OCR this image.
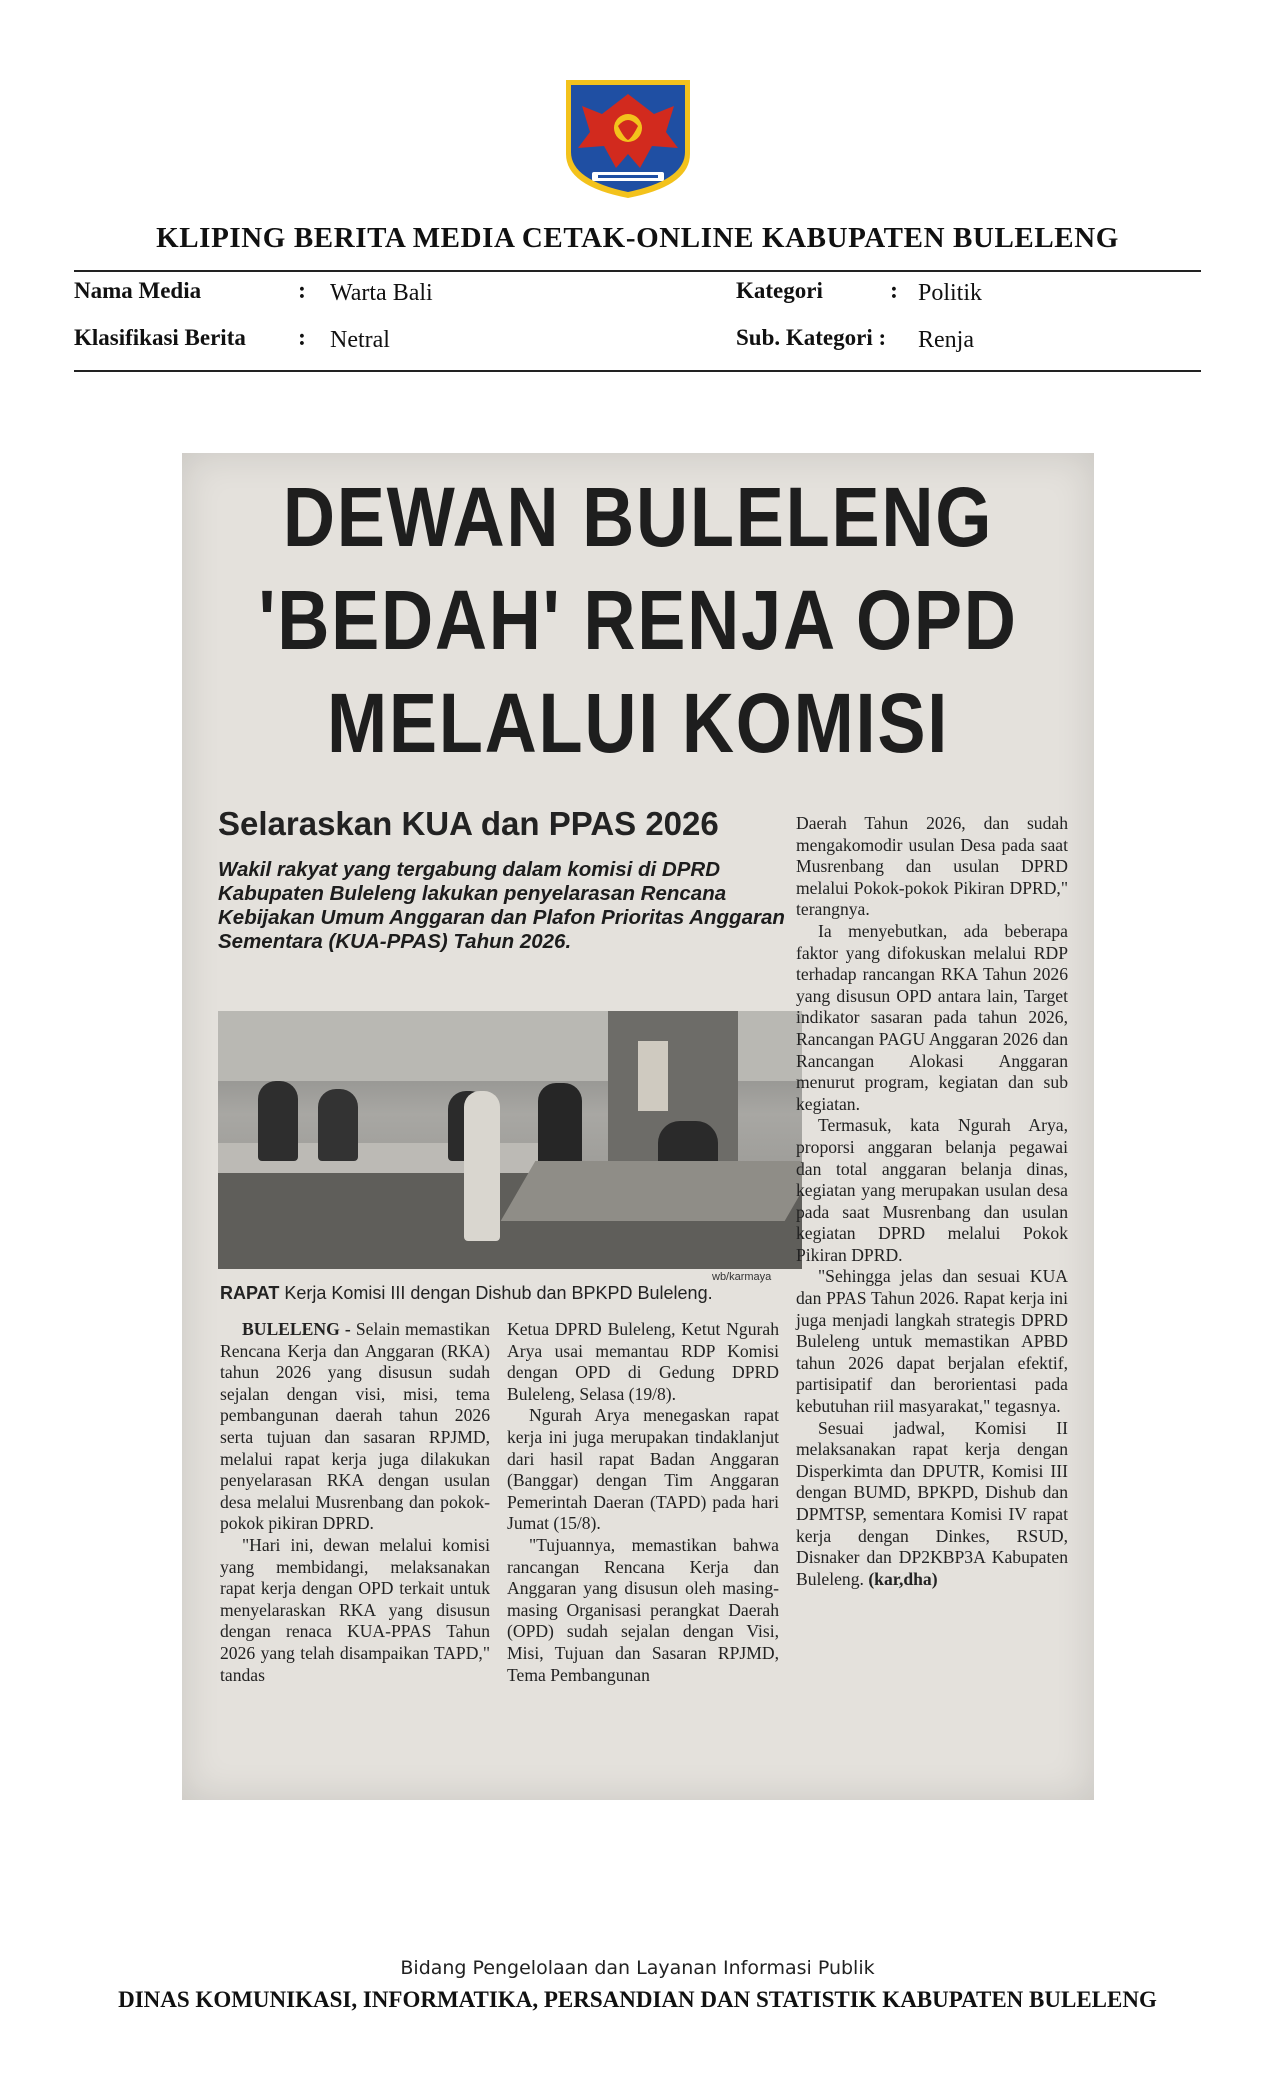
KLIPING BERITA MEDIA CETAK-ONLINE KABUPATEN BULELENG
Nama Media	: Warta Bali
Klasifikasi Berita : Netral
Kategori	: Politik
Sub. Kategori : Renja
DEWAN BULELENG
'BEDAH' RENJA OPD
MELALUI KOMISI
Selaraskan KUA dan PPAS 2026
Wakil rakyat yang tergabung dalam komisi di DPRD Kabupaten Buleleng lakukan penyelarasan Rencana Kebijakan Umum Anggaran dan Plafon Prioritas Anggaran Sementara (KUA-PPAS) Tahun 2026.
wb/karmaya
RAPAT Kerja Komisi III dengan Dishub dan BPKPD Buleleng.

BULELENG - Selain memastikan Rencana Kerja dan Anggaran (RKA) tahun 2026 yang disusun sudah sejalan dengan visi, misi, tema pembangunan daerah tahun 2026 serta tujuan dan sasaran RPJMD, melalui rapat kerja juga dilakukan penyelarasan RKA dengan usulan desa melalui Musrenbang dan pokok-pokok pikiran DPRD.

"Hari ini, dewan melalui komisi yang membidangi, melaksanakan rapat kerja dengan OPD terkait untuk menyelaraskan RKA yang disusun dengan renaca KUA-PPAS Tahun 2026 yang telah disampaikan TAPD," tandas

Ketua DPRD Buleleng, Ketut Ngurah Arya usai memantau RDP Komisi dengan OPD di Gedung DPRD Buleleng, Selasa (19/8).

Ngurah Arya menegaskan rapat kerja ini juga merupakan tindaklanjut dari hasil rapat Badan Anggaran (Banggar) dengan Tim Anggaran Pemerintah Daeran (TAPD) pada hari Jumat (15/8).

"Tujuannya, memastikan bahwa rancangan Rencana Kerja dan Anggaran yang disusun oleh masing-masing Organisasi perangkat Daerah (OPD) sudah sejalan dengan Visi, Misi, Tujuan dan Sasaran RPJMD, Tema Pembangunan

Daerah Tahun 2026, dan sudah mengakomodir usulan Desa pada saat Musrenbang dan usulan DPRD melalui Pokok-pokok Pikiran DPRD," terangnya.

Ia menyebutkan, ada beberapa faktor yang difokuskan melalui RDP terhadap rancangan RKA Tahun 2026 yang disusun OPD antara lain, Target indikator sasaran pada tahun 2026, Rancangan PAGU Anggaran 2026 dan Rancangan Alokasi Anggaran menurut program, kegiatan dan sub kegiatan.

Termasuk, kata Ngurah Arya, proporsi anggaran belanja pegawai dan total anggaran belanja dinas, kegiatan yang merupakan usulan desa pada saat Musrenbang dan usulan kegiatan DPRD melalui Pokok Pikiran DPRD.

"Sehingga jelas dan sesuai KUA dan PPAS Tahun 2026. Rapat kerja ini juga menjadi langkah strategis DPRD Buleleng untuk memastikan APBD tahun 2026 dapat berjalan efektif, partisipatif dan berorientasi pada kebutuhan riil masyarakat," tegasnya.

Sesuai jadwal, Komisi II melaksanakan rapat kerja dengan Disperkimta dan DPUTR, Komisi III dengan BUMD, BPKPD, Dishub dan DPMTSP, sementara Komisi IV rapat kerja dengan Dinkes, RSUD, Disnaker dan DP2KBP3A Kabupaten Buleleng. (kar,dha)

Bidang Pengelolaan dan Layanan Informasi Publik
DINAS KOMUNIKASI, INFORMATIKA, PERSANDIAN DAN STATISTIK KABUPATEN BULELENG
